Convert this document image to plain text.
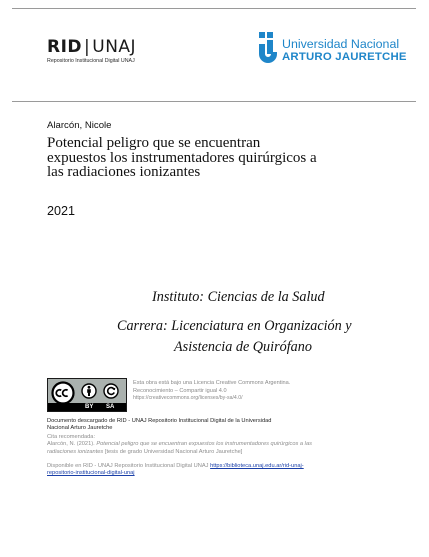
RID | UNAJ
Repositorio Institucional Digital UNAJ
Universidad Nacional
ARTURO JAURETCHE
Alarcón, Nicole
Potencial peligro que se encuentran
expuestos los instrumentadores quirúrgicos a
las radiaciones ionizantes
2021
Instituto: Ciencias de la Salud
Carrera: Licenciatura en Organización y
Asistencia de Quirófano
BY SA
Esta obra está bajo una Licencia Creative Commons Argentina.
Reconocimiento – Compartir igual 4.0
https://creativecommons.org/licenses/by-sa/4.0/
Documento descargado de RID - UNAJ Repositorio Institucional Digital de la Universidad
Nacional Arturo Jauretche
Cita recomendada:
Alarcón, N. (2021). Potencial peligro que se encuentran expuestos los instrumentadores quirúrgicos a las
radiaciones ionizantes [tesis de grado Universidad Nacional Arturo Jauretche]
Disponible en RID - UNAJ Repositorio Institucional Digital UNAJ https://biblioteca.unaj.edu.ar/rid-unaj-
repositorio-institucional-digital-unaj
